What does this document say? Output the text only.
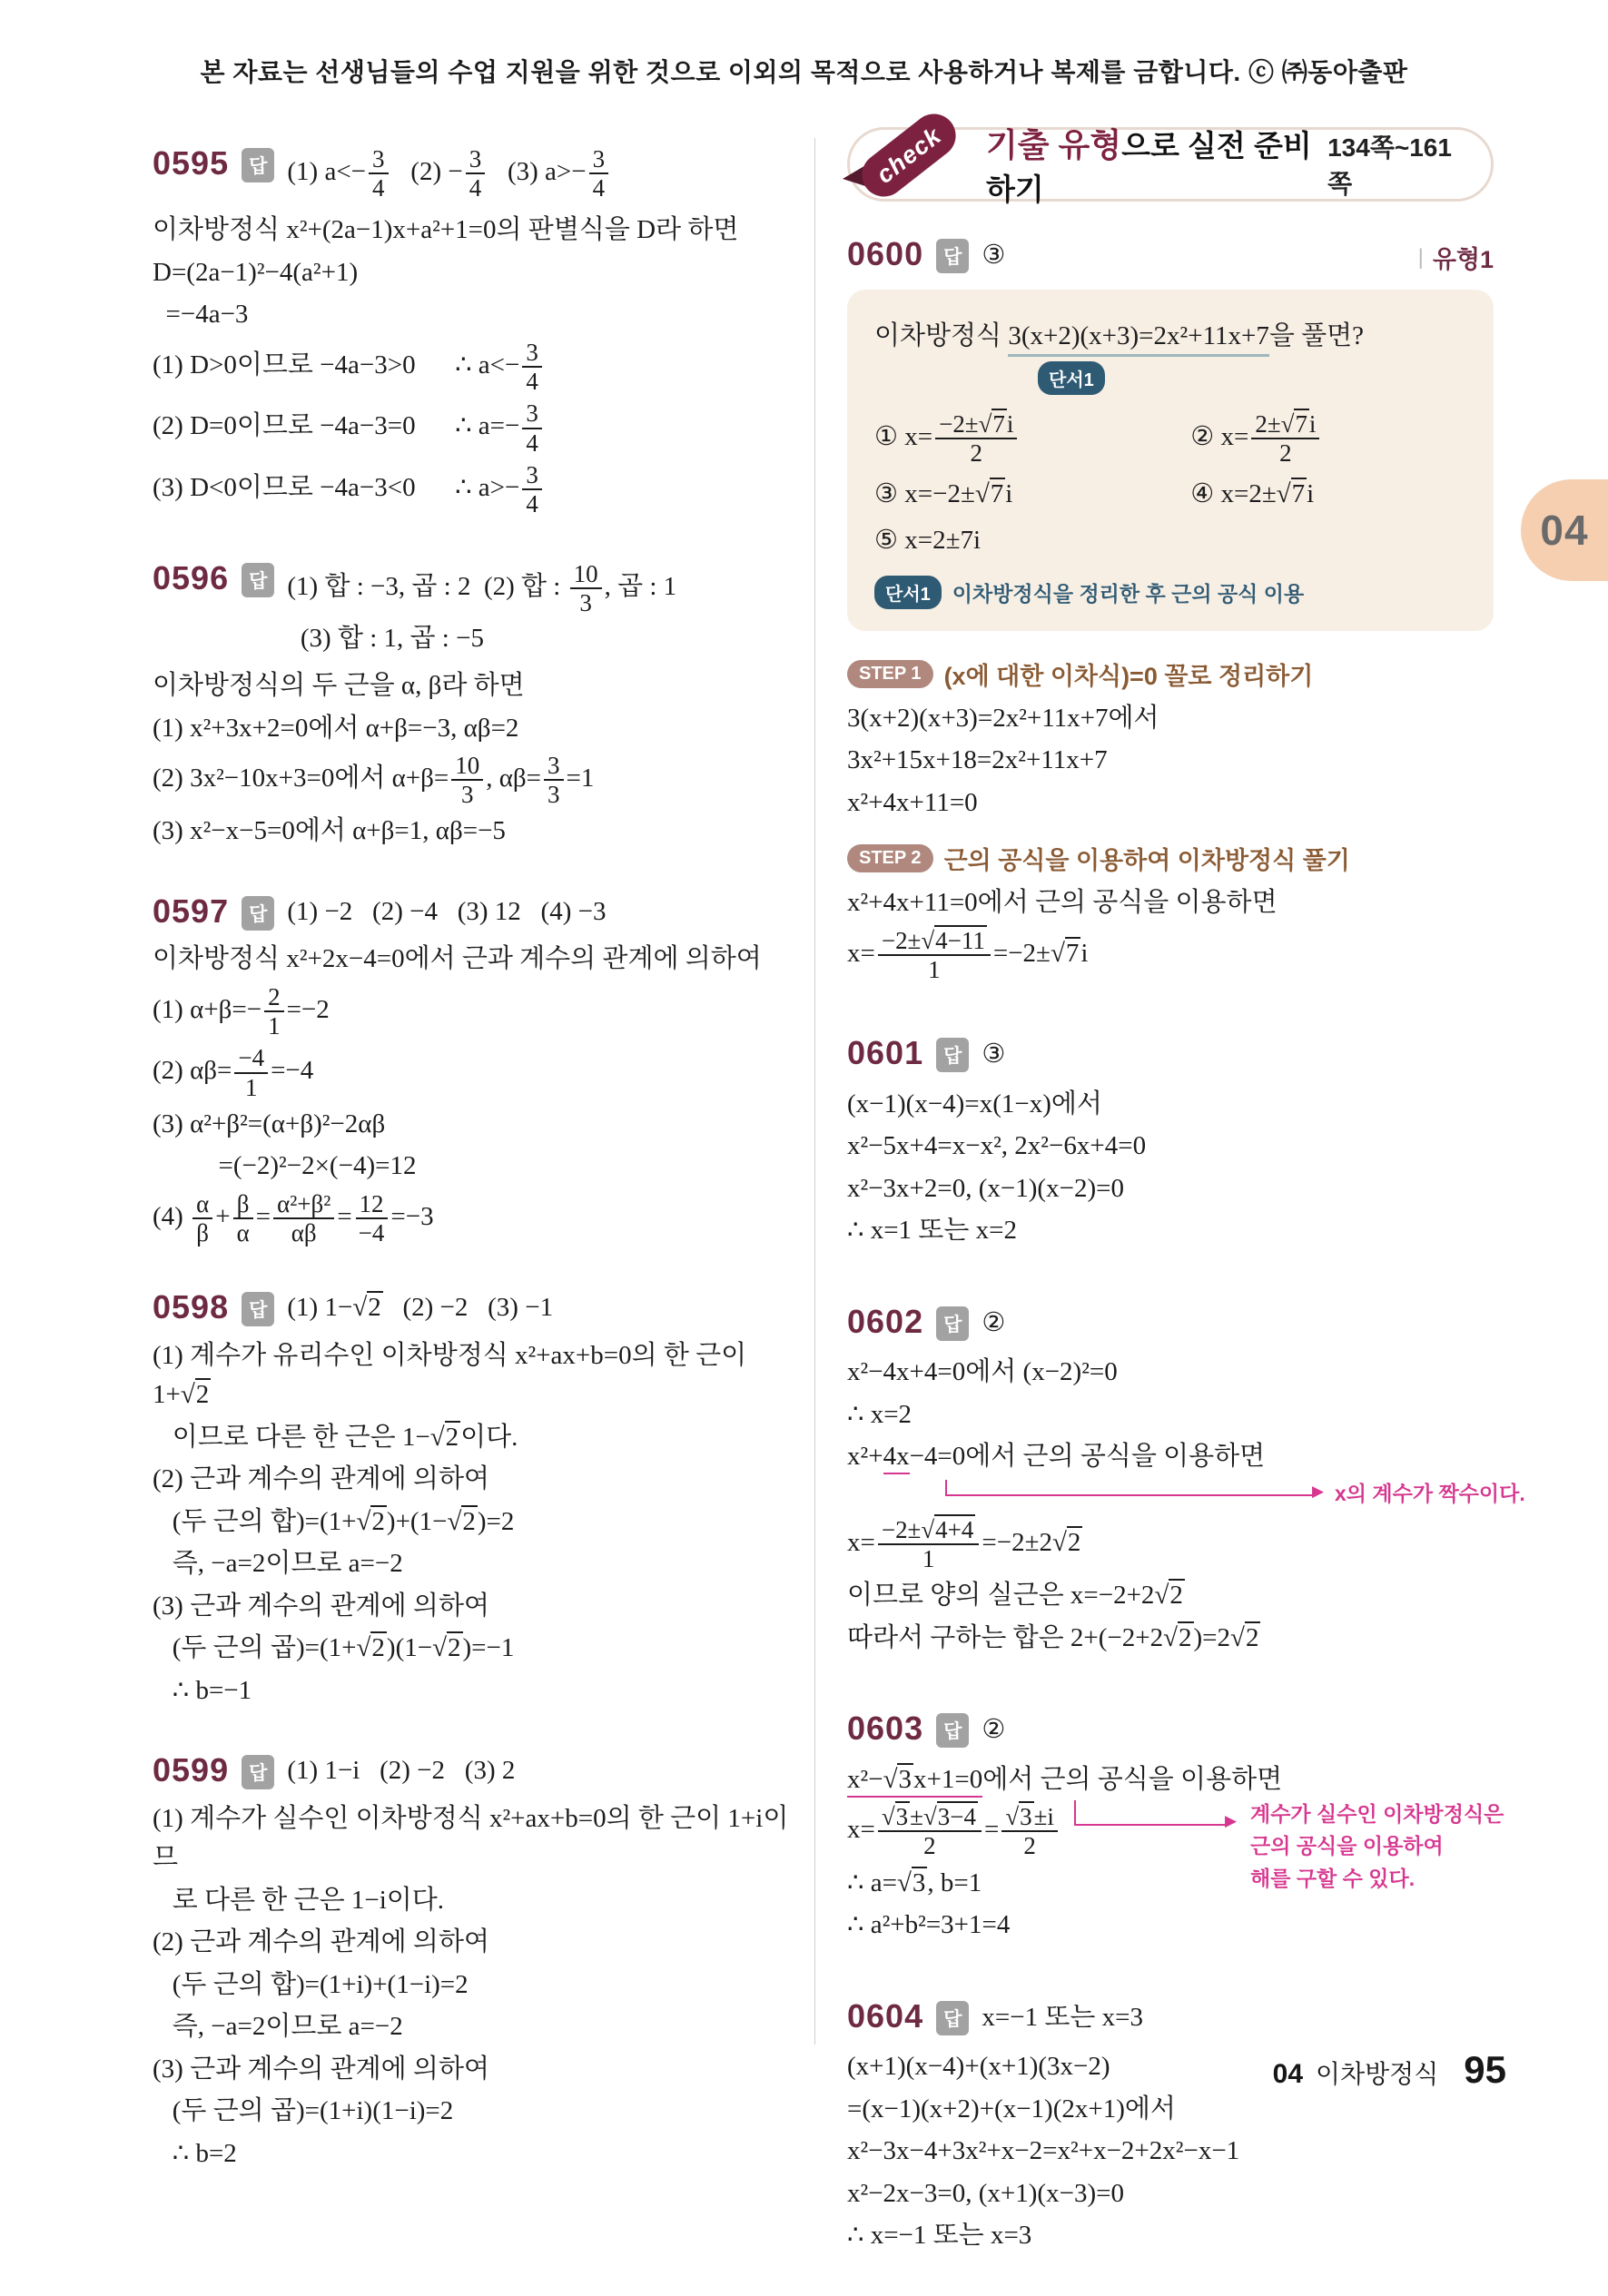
본 자료는 선생님들의 수업 지원을 위한 것으로 이외의 목적으로 사용하거나 복제를 금합니다. ⓒ ㈜동아출판
0595	답 (1) $a<- \frac{3}{4} (2) - \frac{3}{4} (3)$ $a>- \frac{3}{4}$
이차방정식 x²+(2a−1)x+a²+1=0의 판별식을 D라 하면
D=(2a−1)²−4(a²+1)
=−4a−3
(1) D>0이므로 −4a−3>0      ∴ $a<- \frac{3}{4}$
(2) D=0이므로 −4a−3=0      ∴ $a=- \frac{3}{4}$
(3) D<0이므로 −4a−3<0      ∴ $a>- \frac{3}{4}$
0596	답 (1) 합 : −3, 곱 : 2  (2) 합 : $\frac{10}{3}$ , 곱 : 1
(3) 합 : 1, 곱 : −5
이차방정식의 두 근을 α, β라 하면
(1) x²+3x+2=0에서 α+β=−3, αβ=2
(2) 3x²−10x+3=0에서 $\alpha+\beta= \frac{10}{3}$ , $\alpha\beta= \frac{3}{3} =1$
(3) x²−x−5=0에서 α+β=1, αβ=−5
0597	답 (1) −2   (2) −4   (3) 12   (4) −3
이차방정식 x²+2x−4=0에서 근과 계수의 관계에 의하여
(1) $\alpha+\beta=- \frac{2}{1} =-2$
(2) $\alpha\beta= \frac{-4}{1} =-4$
(3) α²+β²=(α+β)²−2αβ
=(−2)²−2×(−4)=12
$(4) \frac{\alpha}{\beta} + \frac{\beta}{\alpha} = \frac{\text{α²+β²}}{\alpha\beta} = \frac{12}{-4} =-3$
0598	답 (1) 1−√2   (2) −2   (3) −1
(1) 계수가 유리수인 이차방정식 x²+ax+b=0의 한 근이 1+√2
이므로 다른 한 근은 1−√2이다.
(2) 근과 계수의 관계에 의하여
(두 근의 합)=(1+√2)+(1−√2)=2
즉, −a=2이므로 a=−2
(3) 근과 계수의 관계에 의하여
(두 근의 곱)=(1+√2)(1−√2)=−1
∴ b=−1
0599	답 (1) 1−i   (2) −2   (3) 2
(1) 계수가 실수인 이차방정식 x²+ax+b=0의 한 근이 1+i이므
로 다른 한 근은 1−i이다.
(2) 근과 계수의 관계에 의하여
(두 근의 합)=(1+i)+(1−i)=2
즉, −a=2이므로 a=−2
(3) 근과 계수의 관계에 의하여
(두 근의 곱)=(1+i)(1−i)=2
∴ b=2
check	기출 유형으로 실전 준비하기
134쪽~161쪽
0600	답 ③	| 유형1
이차방정식 3(x+2)(x+3)=2x²+11x+7을 풀면?
단서1
① $x= \frac{-2\pm√7i}{2}$	② $x= \frac{2\pm√7i}{2}$
③ x=−2±√7i	④ x=2±√7i
⑤ x=2±7i
단서1	이차방정식을 정리한 후 근의 공식 이용
STEP 1 (x에 대한 이차식)=0 꼴로 정리하기
3(x+2)(x+3)=2x²+11x+7에서
3x²+15x+18=2x²+11x+7
x²+4x+11=0
STEP 2 근의 공식을 이용하여 이차방정식 풀기
x²+4x+11=0에서 근의 공식을 이용하면
$x= \frac{-2\pm√4-11}{1} =-2\pm√7i$
0601	답 ③
(x−1)(x−4)=x(1−x)에서
x²−5x+4=x−x², 2x²−6x+4=0
x²−3x+2=0, (x−1)(x−2)=0
∴ x=1 또는 x=2
0602	답 ②
x²−4x+4=0에서 (x−2)²=0
∴ x=2
x²+4x−4=0에서 근의 공식을 이용하면
▶ x의 계수가 짝수이다.
$x= \frac{-2\pm√4+4}{1} =-2\pm 2√2$
이므로 양의 실근은 x=−2+2√2
따라서 구하는 합은 2+(−2+2√2)=2√2
0603	답 ②
x²−√3x+1=0에서 근의 공식을 이용하면
▶ 계수가 실수인 이차방정식은
근의 공식을 이용하여
해를 구할 수 있다.
$x= \frac{√3\pm√3-4}{2} = \frac{√3\pm i}{2}$
∴ a=√3, b=1
∴ a²+b²=3+1=4
0604	답 x=−1 또는 x=3
(x+1)(x−4)+(x+1)(3x−2)
=(x−1)(x+2)+(x−1)(2x+1)에서
x²−3x−4+3x²+x−2=x²+x−2+2x²−x−1
x²−2x−3=0, (x+1)(x−3)=0
∴ x=−1 또는 x=3
04
04 이차방정식 95
